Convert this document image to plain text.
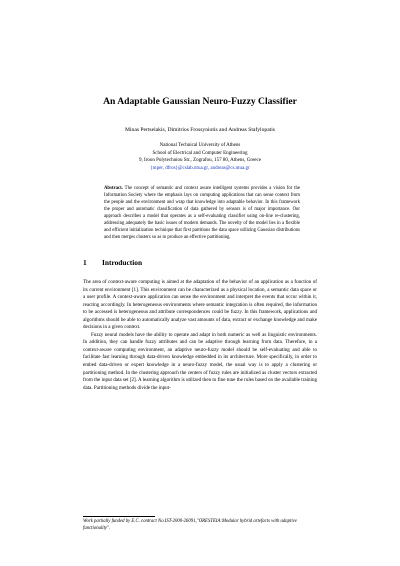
An Adaptable Gaussian Neuro-Fuzzy Classifier
Minas Pertselakis, Dimitrios Frossyniotis and Andreas Stafylopatis
National Technical University of Athens
School of Electrical and Computer Engineering
9, Iroon Polytechniou Str., Zografou, 157 80, Athens, Greece
{mper, dfros}@cslab.ntua.gr, andreas@cs.ntua.gr
Abstract. The concept of semantic and context aware intelligent systems provides a vision for the Information Society where the emphasis lays on computing applications that can sense context from the people and the environment and wrap that knowledge into adaptable behavior. In this framework the proper and automatic classification of data gathered by sensors is of major importance. Our approach describes a model that operates as a self-evaluating classifier using on-line re-clustering, addressing adequately the basic issues of modern demands. The novelty of the model lies in a flexible and efficient initialization technique that first partitions the data space utilizing Gaussian distributions and then merges clusters so as to produce an effective partitioning.
1 Introduction

The area of context-aware computing is aimed at the adaptation of the behavior of an application as a function of its current environment [1]. This environment can be characterized as a physical location, a semantic data space or a user profile. A context-aware application can sense the environment and interpret the events that occur within it, reacting accordingly. In heterogeneous environments where semantic integration is often required, the information to be accessed is heterogeneous and attribute correspondences could be fuzzy. In this framework, applications and algorithms should be able to automatically analyze vast amounts of data, extract or exchange knowledge and make decisions in a given context.

Fuzzy neural models have the ability to operate and adapt in both numeric as well as linguistic environments. In addition, they can handle fuzzy attributes and can be adaptive through learning from data. Therefore, in a context-aware computing environment, an adaptive neuro-fuzzy model should be self-evaluating and able to facilitate fast learning through data-driven knowledge embedded in its architecture. More specifically, in order to embed data-driven or expert knowledge in a neuro-fuzzy model, the usual way is to apply a clustering or partitioning method. In the clustering approach the centers of fuzzy rules are initialized as cluster vectors extracted from the input data set [2]. A learning algorithm is utilized then to fine tune the rules based on the available training data. Partitioning methods divide the input-

Work partially funded by E.C. contract No.IST-2000-26091,"ORESTEIA:Modular hybrid artefacts with adaptive functionality".
